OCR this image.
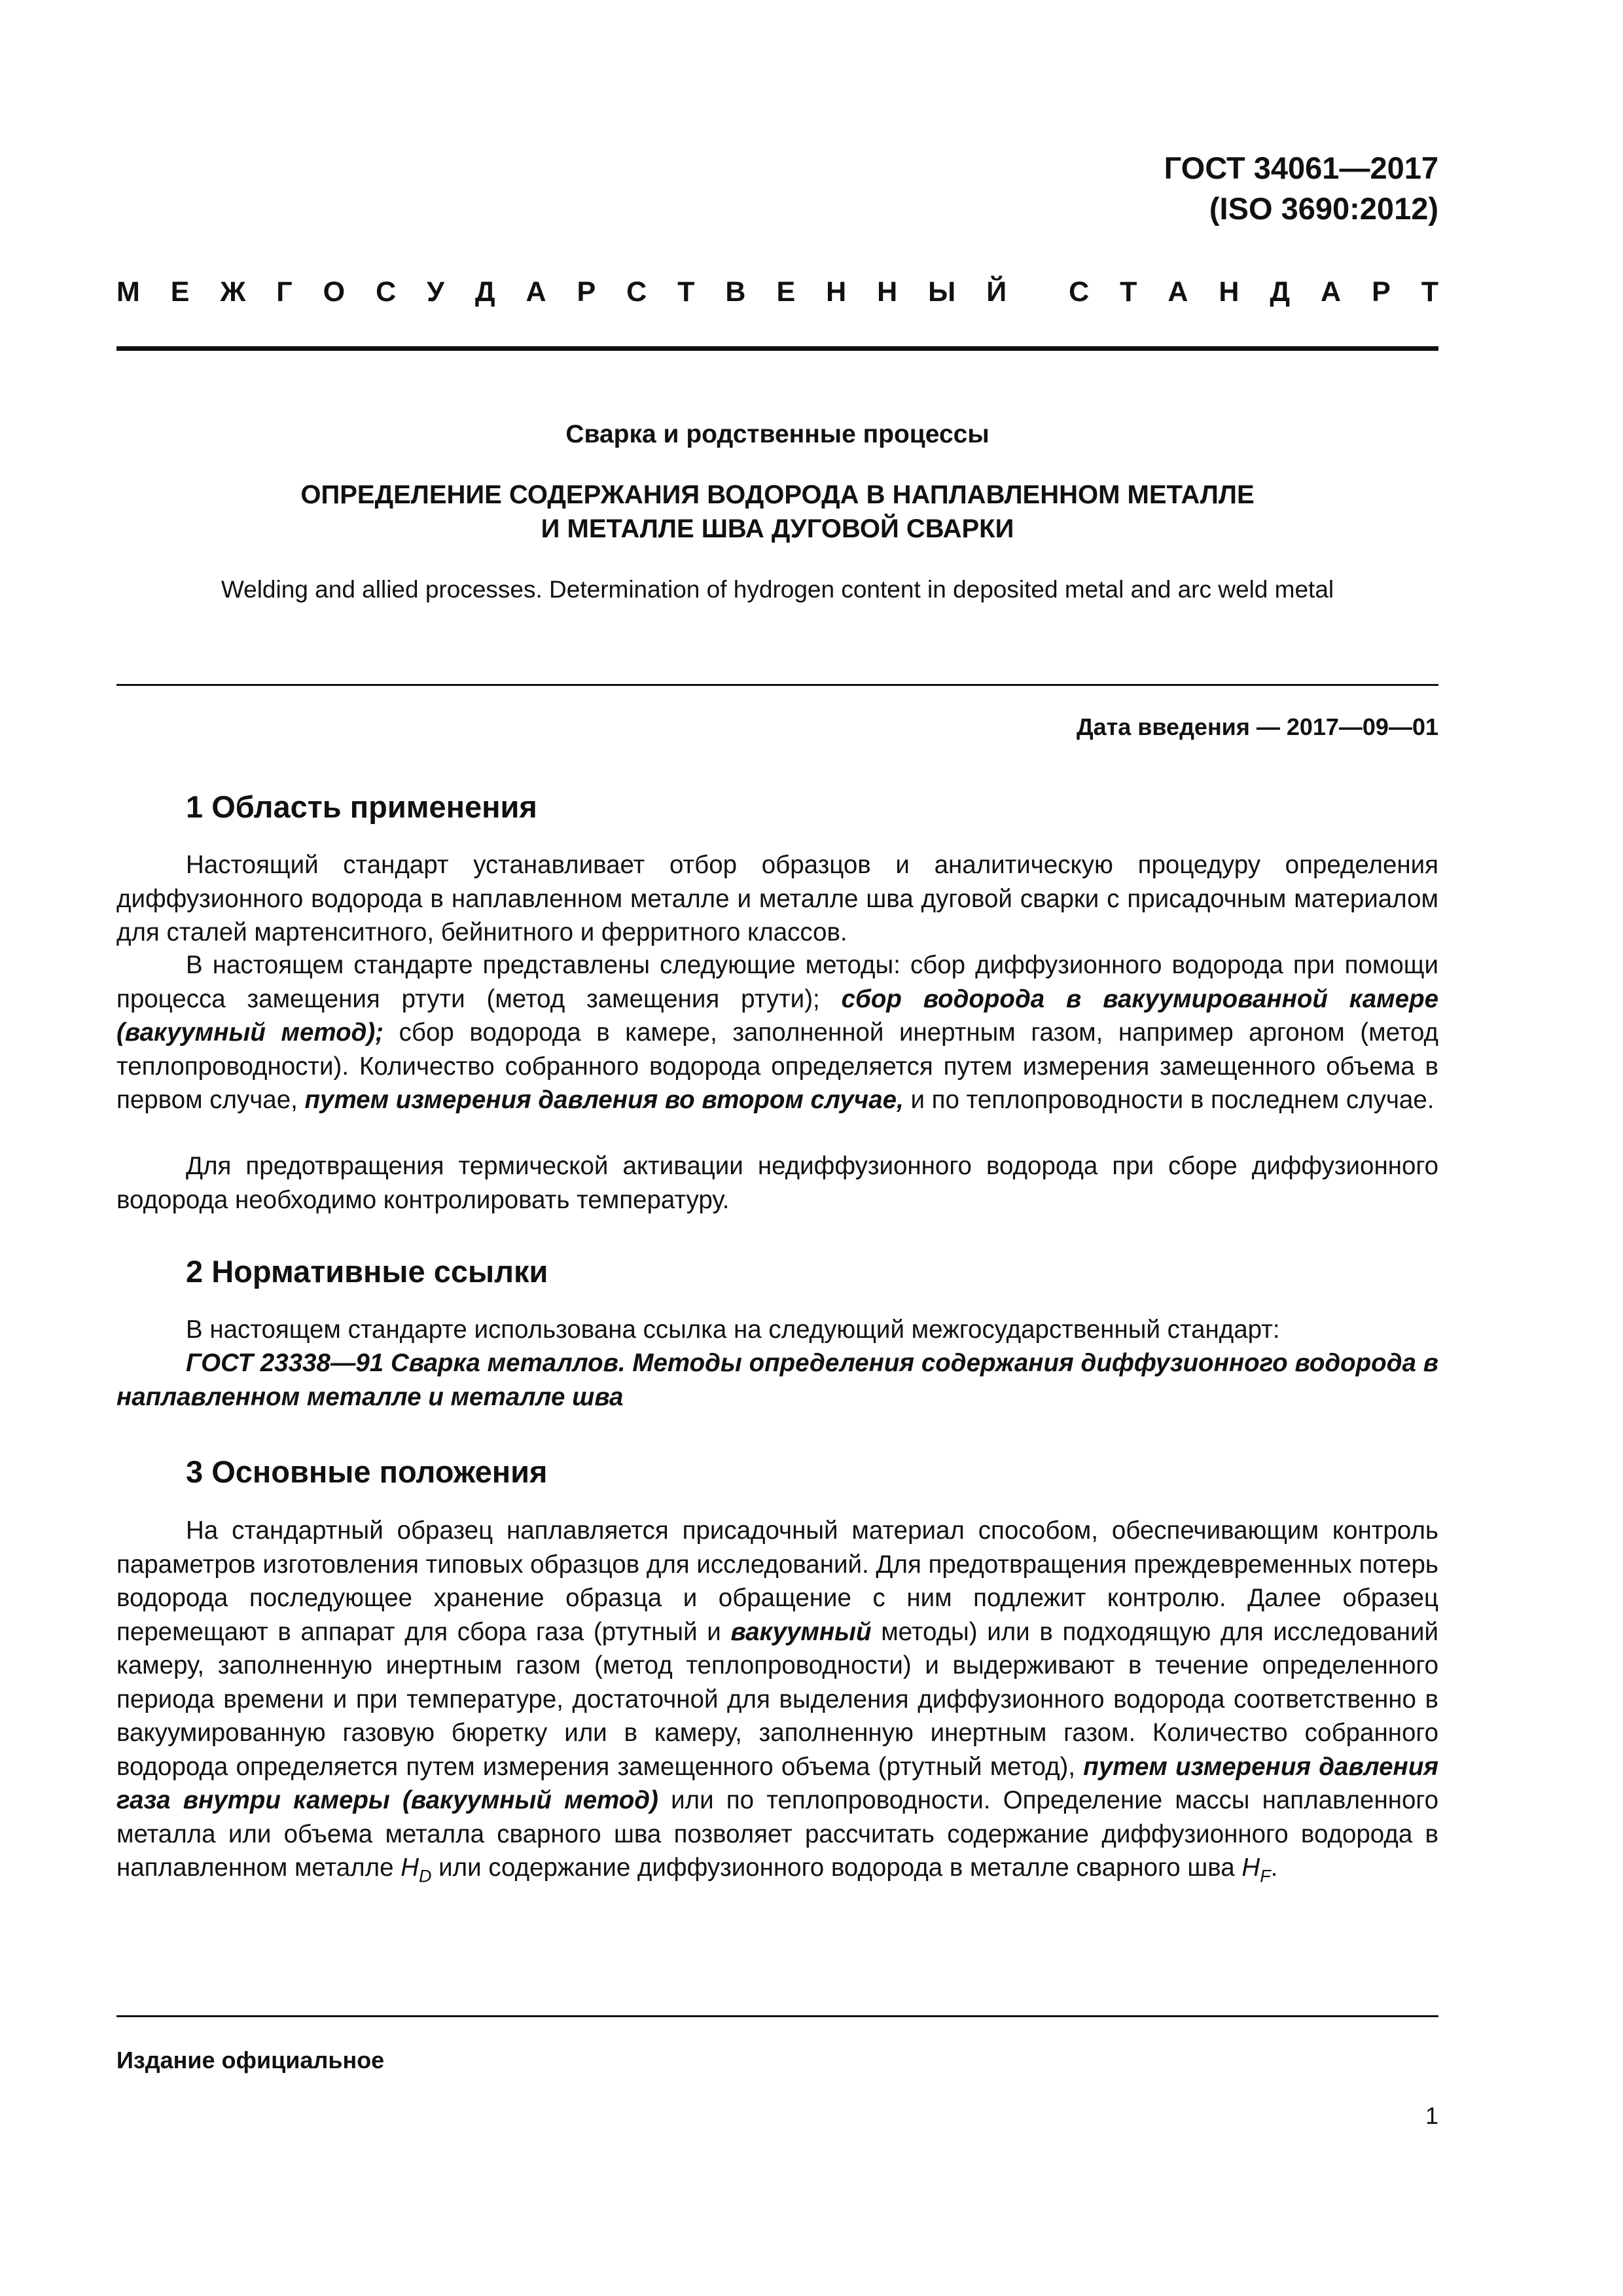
ГОСТ 34061—2017
(ISO 3690:2012)
М Е Ж Г О С У Д А Р С Т В Е Н Н Ы Й С Т А Н Д А Р Т
Сварка и родственные процессы
ОПРЕДЕЛЕНИЕ СОДЕРЖАНИЯ ВОДОРОДА В НАПЛАВЛЕННОМ МЕТАЛЛЕ
И МЕТАЛЛЕ ШВА ДУГОВОЙ СВАРКИ
Welding and allied processes. Determination of hydrogen content in deposited metal and arc weld metal
Дата введения — 2017—09—01
1 Область применения

Настоящий стандарт устанавливает отбор образцов и аналитическую процедуру определения диффузионного водорода в наплавленном металле и металле шва дуговой сварки с присадочным материалом для сталей мартенситного, бейнитного и ферритного классов.

В настоящем стандарте представлены следующие методы: сбор диффузионного водорода при помощи процесса замещения ртути (метод замещения ртути); сбор водорода в вакуумированной камере (вакуумный метод); сбор водорода в камере, заполненной инертным газом, например аргоном (метод теплопроводности). Количество собранного водорода определяется путем измерения замещенного объема в первом случае, путем измерения давления во втором случае, и по теплопроводности в последнем случае.

Для предотвращения термической активации недиффузионного водорода при сборе диффузионного водорода необходимо контролировать температуру.

2 Нормативные ссылки

В настоящем стандарте использована ссылка на следующий межгосударственный стандарт:

ГОСТ 23338—91 Сварка металлов. Методы определения содержания диффузионного водорода в наплавленном металле и металле шва

3 Основные положения

На стандартный образец наплавляется присадочный материал способом, обеспечивающим контроль параметров изготовления типовых образцов для исследований. Для предотвращения преждевременных потерь водорода последующее хранение образца и обращение с ним подлежит контролю. Далее образец перемещают в аппарат для сбора газа (ртутный и вакуумный методы) или в подходящую для исследований камеру, заполненную инертным газом (метод теплопроводности) и выдерживают в течение определенного периода времени и при температуре, достаточной для выделения диффузионного водорода соответственно в вакуумированную газовую бюретку или в камеру, заполненную инертным газом. Количество собранного водорода определяется путем измерения замещенного объема (ртутный метод), путем измерения давления газа внутри камеры (вакуумный метод) или по теплопроводности. Определение массы наплавленного металла или объема металла сварного шва позволяет рассчитать содержание диффузионного водорода в наплавленном металле $H_D$ или содержание диффузионного водорода в металле сварного шва $H_F$.

Издание официальное
1
